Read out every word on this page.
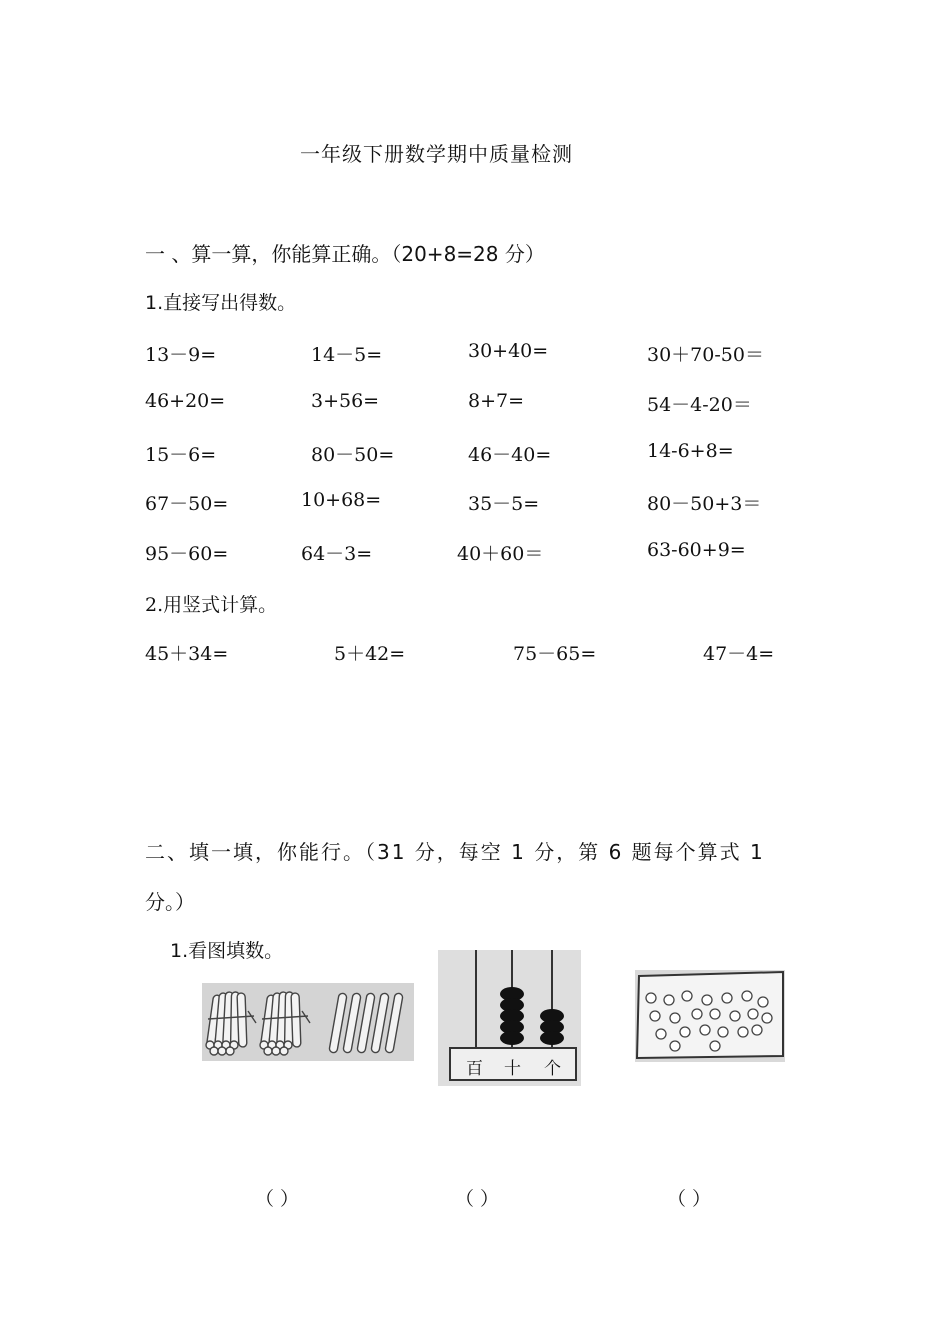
一年级下册数学期中质量检测
一 、算一算，你能算正确。（20+8=28 分）
1.直接写出得数。
13－9=	14－5=	30+40=	30＋70-50＝
46+20=	3+56=	8+7=	54－4-20＝
15－6=	80－50=	46－40=	14-6+8=
67－50=	10+68=	35－5=	80－50+3＝
95－60=	64－3=	40＋60＝	63-60+9=
2.用竖式计算。
45＋34=	5＋42=	75－65=	47－4=
二、填一填，你能行。（31 分，每空 1 分，第 6 题每个算式 1
分。）
1.看图填数。
百 十 个
（ ）	（ ）	（ ）
